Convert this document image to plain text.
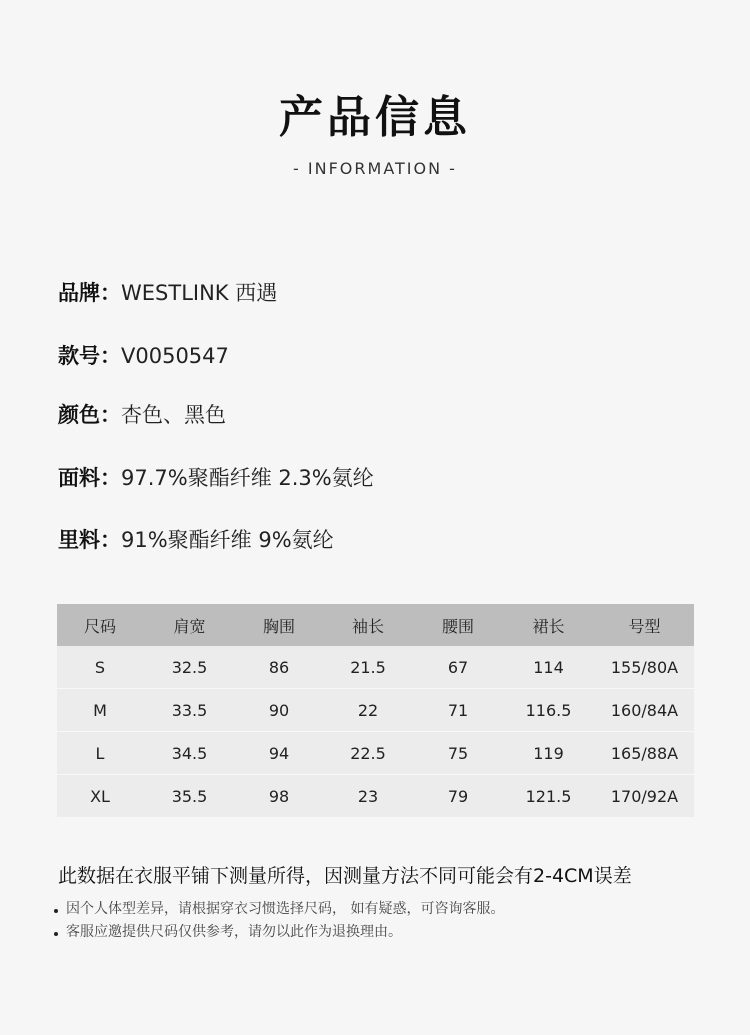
产品信息
- INFORMATION -
品牌：WESTLINK 西遇
款号：V0050547
颜色：杏色、黑色
面料：97.7%聚酯纤维 2.3%氨纶
里料：91%聚酯纤维 9%氨纶
尺码	肩宽	胸围	袖长	腰围	裙长	号型
S	32.5	86	21.5	67	114	155/80A
M	33.5	90	22	71	116.5	160/84A
L	34.5	94	22.5	75	119	165/88A
XL	35.5	98	23	79	121.5	170/92A
此数据在衣服平铺下测量所得，因测量方法不同可能会有2-4CM误差
因个人体型差异，请根据穿衣习惯选择尺码， 如有疑惑，可咨询客服。
客服应邀提供尺码仅供参考，请勿以此作为退换理由。
